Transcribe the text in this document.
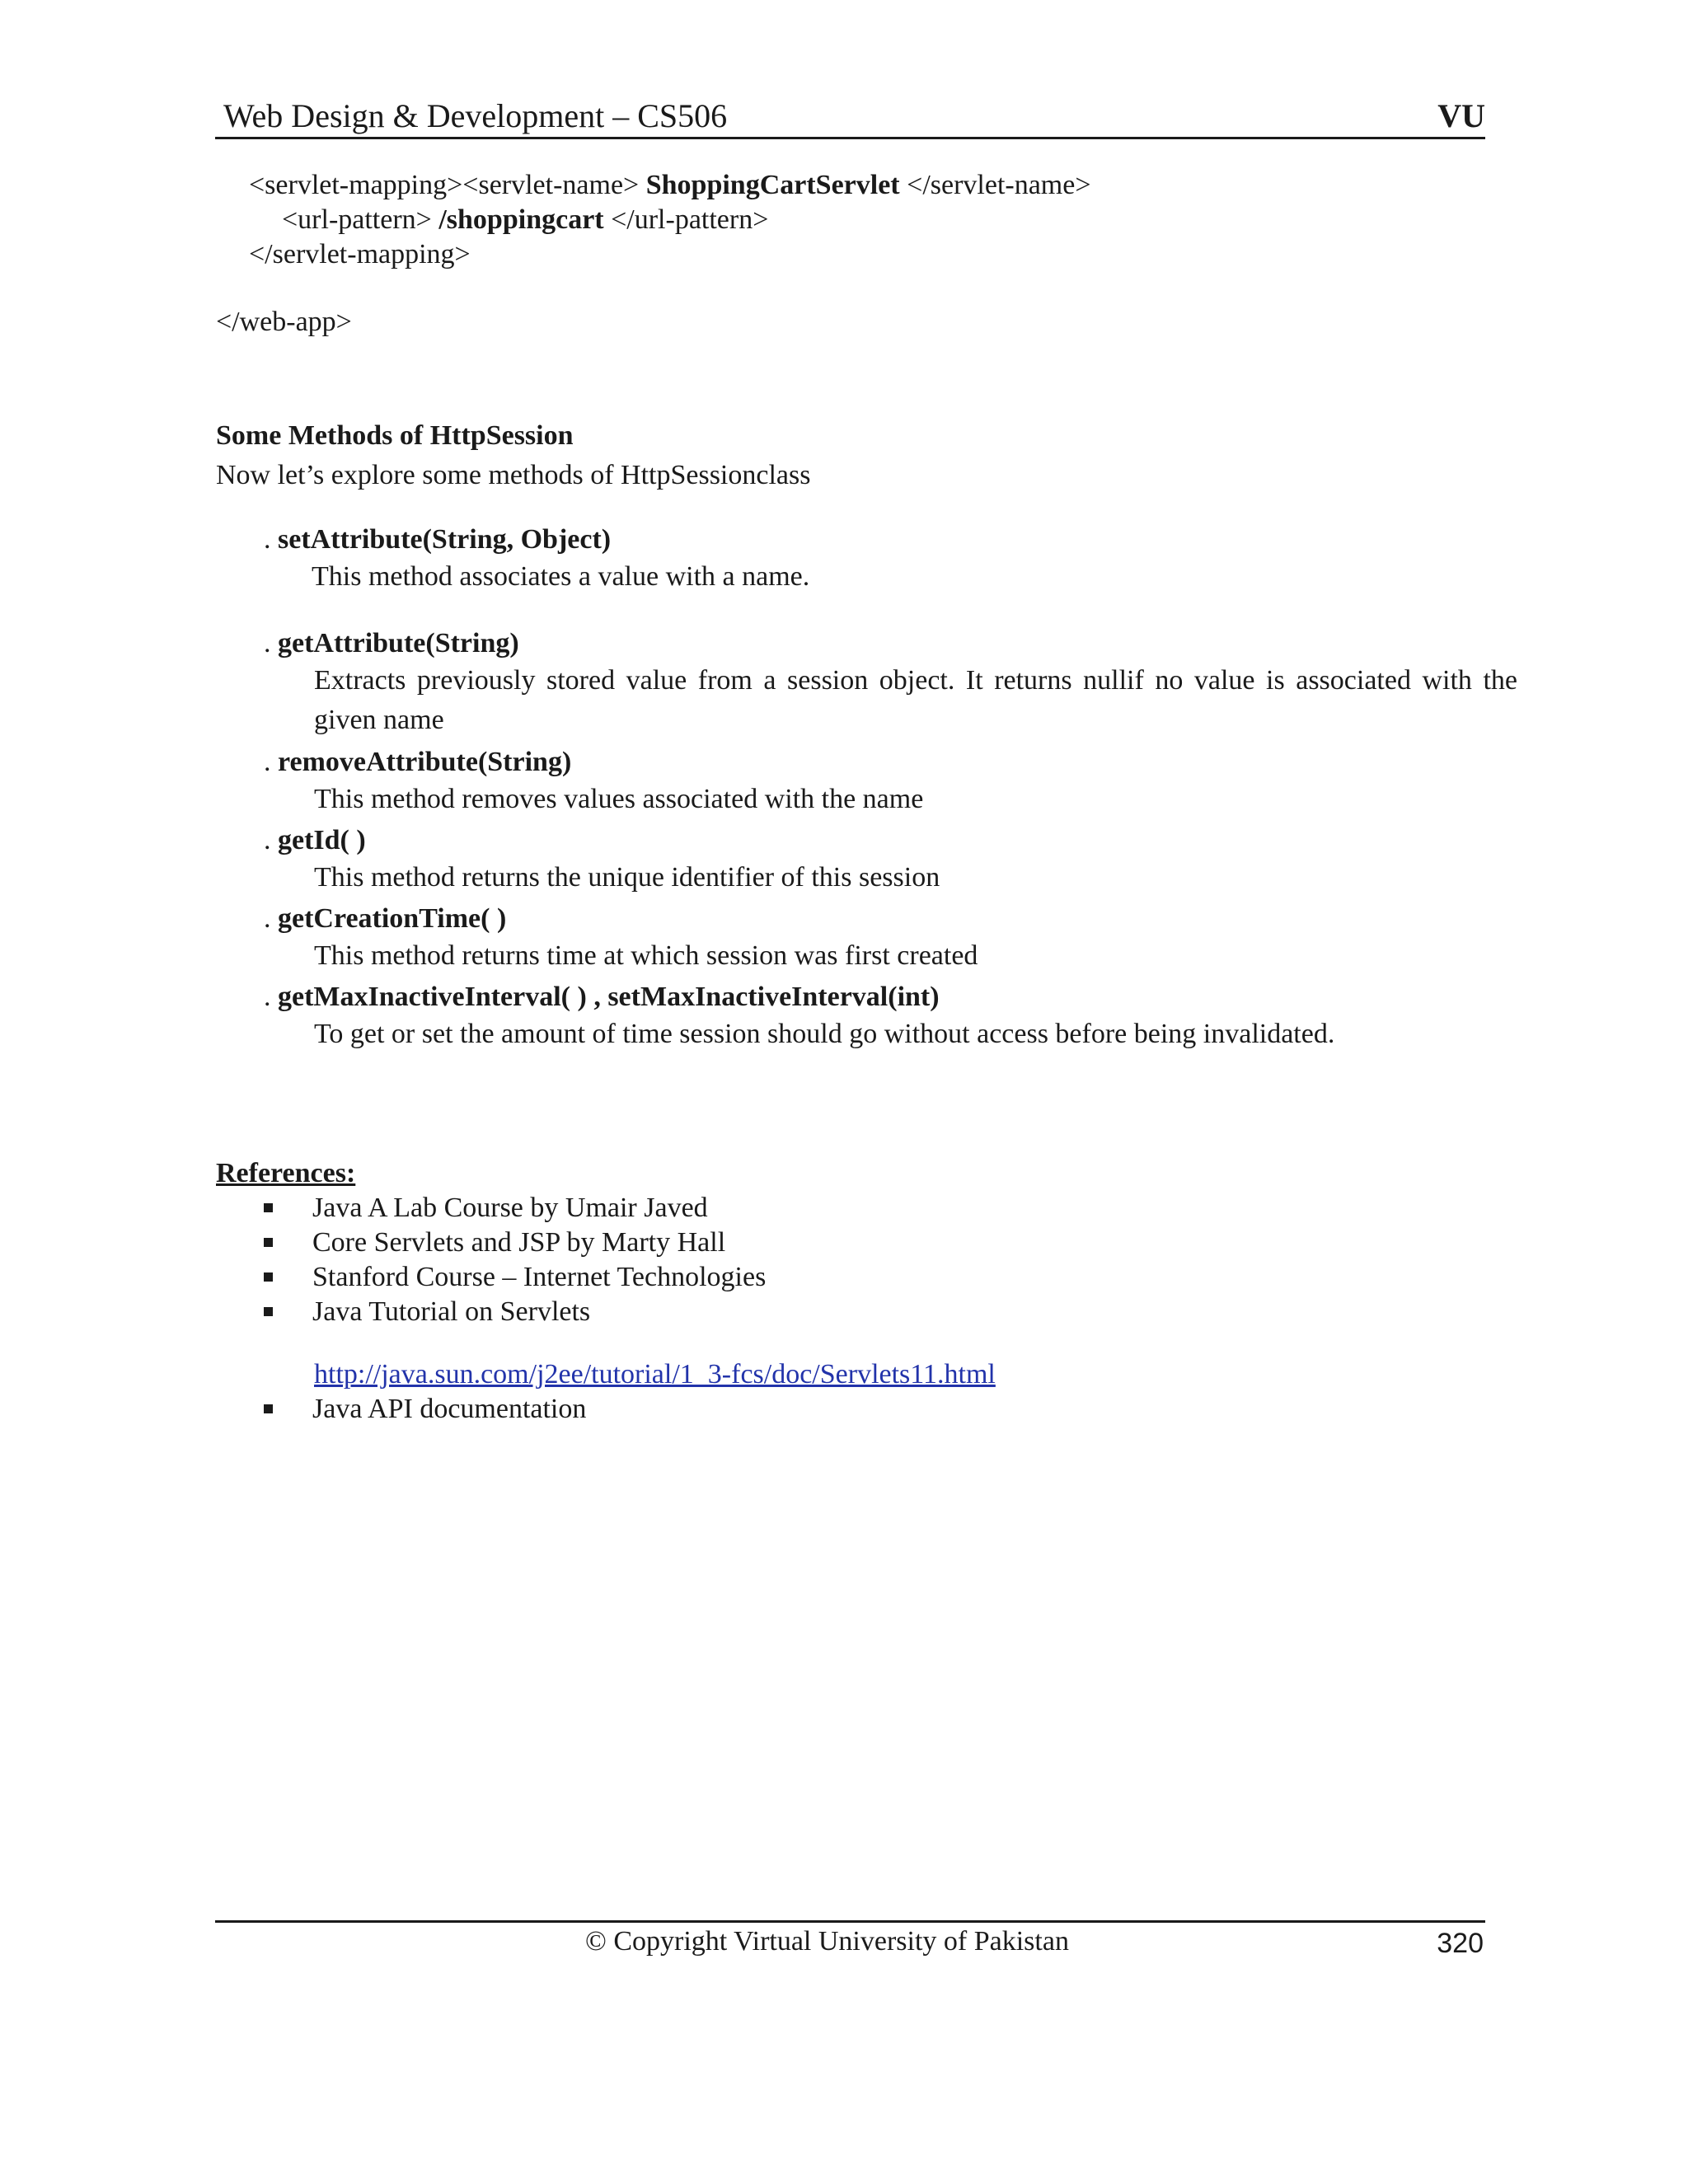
Web Design & Development – CS506	VU
<servlet-mapping><servlet-name> ShoppingCartServlet </servlet-name>
<url-pattern> /shoppingcart </url-pattern>
</servlet-mapping>
</web-app>
Some Methods of HttpSession
Now let’s explore some methods of HttpSessionclass
. setAttribute(String, Object)
This method associates a value with a name.
. getAttribute(String)
Extracts previously stored value from a session object. It returns nullif no value is associated with the given name
. removeAttribute(String)
This method removes values associated with the name
. getId( )
This method returns the unique identifier of this session
. getCreationTime( )
This method returns time at which session was first created
. getMaxInactiveInterval( ) , setMaxInactiveInterval(int)
To get or set the amount of time session should go without access before being invalidated.
References:
Java A Lab Course by Umair Javed
Core Servlets and JSP by Marty Hall
Stanford Course – Internet Technologies
Java Tutorial on Servlets
http://java.sun.com/j2ee/tutorial/1_3-fcs/doc/Servlets11.html
Java API documentation
© Copyright Virtual University of Pakistan	320
